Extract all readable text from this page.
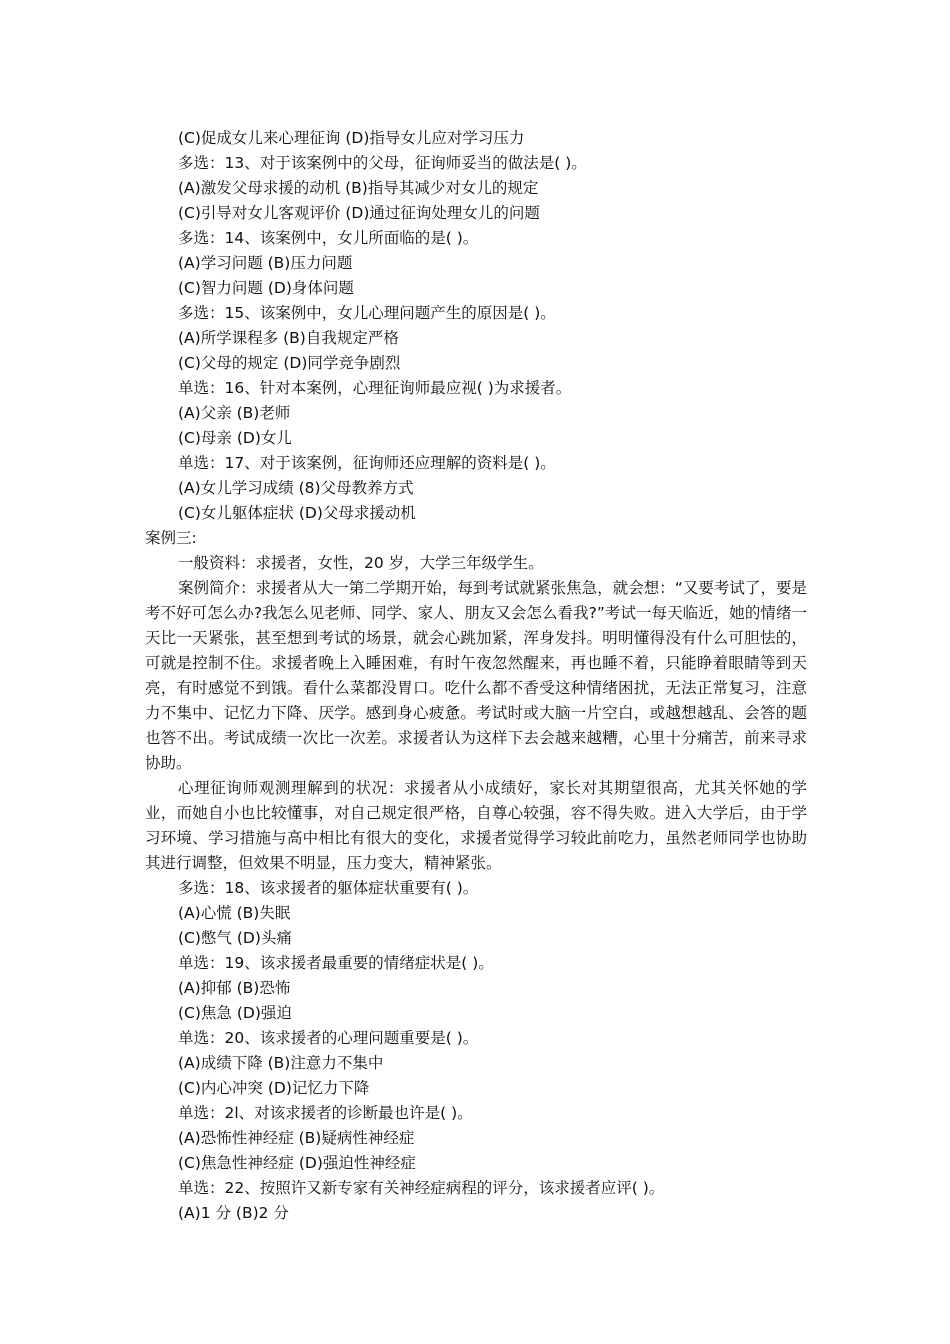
(C)促成女儿来心理征询 (D)指导女儿应对学习压力
多选：13、对于该案例中的父母，征询师妥当的做法是( )。
(A)激发父母求援的动机 (B)指导其减少对女儿的规定
(C)引导对女儿客观评价 (D)通过征询处理女儿的问题
多选：14、该案例中，女儿所面临的是( )。
(A)学习问题 (B)压力问题
(C)智力问题 (D)身体问题
多选：15、该案例中，女儿心理问题产生的原因是( )。
(A)所学课程多 (B)自我规定严格
(C)父母的规定 (D)同学竞争剧烈
单选：16、针对本案例，心理征询师最应视( )为求援者。
(A)父亲 (B)老师
(C)母亲 (D)女儿
单选：17、对于该案例，征询师还应理解的资料是( )。
(A)女儿学习成绩 (8)父母教养方式
(C)女儿躯体症状 (D)父母求援动机
案例三:
一般资料：求援者，女性，20 岁，大学三年级学生。
案例简介：求援者从大一第二学期开始，每到考试就紧张焦急，就会想：“又要考试了，要是考不好可怎么办?我怎么见老师、同学、家人、朋友又会怎么看我?”考试一每天临近，她的情绪一天比一天紧张，甚至想到考试的场景，就会心跳加紧，浑身发抖。明明懂得没有什么可胆怯的，可就是控制不住。求援者晚上入睡困难，有时午夜忽然醒来，再也睡不着，只能睁着眼睛等到天亮，有时感觉不到饿。看什么菜都没胃口。吃什么都不香受这种情绪困扰，无法正常复习，注意力不集中、记忆力下降、厌学。感到身心疲惫。考试时或大脑一片空白，或越想越乱、会答的题也答不出。考试成绩一次比一次差。求援者认为这样下去会越来越糟，心里十分痛苦，前来寻求协助。
心理征询师观测理解到的状况：求援者从小成绩好，家长对其期望很高，尤其关怀她的学业，而她自小也比较懂事，对自己规定很严格，自尊心较强，容不得失败。进入大学后，由于学习环境、学习措施与高中相比有很大的变化，求援者觉得学习较此前吃力，虽然老师同学也协助其进行调整，但效果不明显，压力变大，精神紧张。
多选：18、该求援者的躯体症状重要有( )。
(A)心慌 (B)失眠
(C)憋气 (D)头痛
单选：19、该求援者最重要的情绪症状是( )。
(A)抑郁 (B)恐怖
(C)焦急 (D)强迫
单选：20、该求援者的心理问题重要是( )。
(A)成绩下降 (B)注意力不集中
(C)内心冲突 (D)记忆力下降
单选：2l、对该求援者的诊断最也许是( )。
(A)恐怖性神经症 (B)疑病性神经症
(C)焦急性神经症 (D)强迫性神经症
单选：22、按照许又新专家有关神经症病程的评分，该求援者应评( )。
(A)1 分 (B)2 分
